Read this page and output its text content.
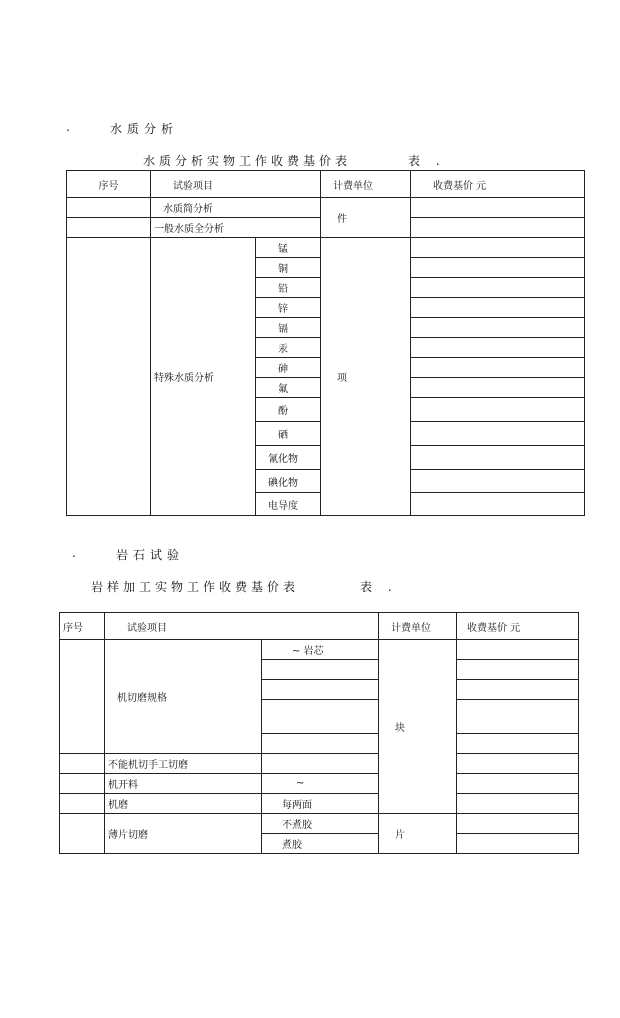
.	水质分析
水质分析实物工作收费基价表	表 .
序号	试验项目		计费单位	收费基价 元
	水质简分析		件	
	一般水质全分析			
	特殊水质分析	锰	项	
		铜		
		铅		
		锌		
		镉		
		汞		
		砷		
		氟		
		酚		
		硒		
		氰化物		
		碘化物		
		电导度		
.	岩石试验
岩样加工实物工作收费基价表	表 .
序号	试验项目		计费单位	收费基价 元
	机切磨规格	~ 岩芯	块	

	不能机切手工切磨			
	机开料	~		
	机磨	每两面		
	薄片切磨	不煮胶	片	
		煮胶		
